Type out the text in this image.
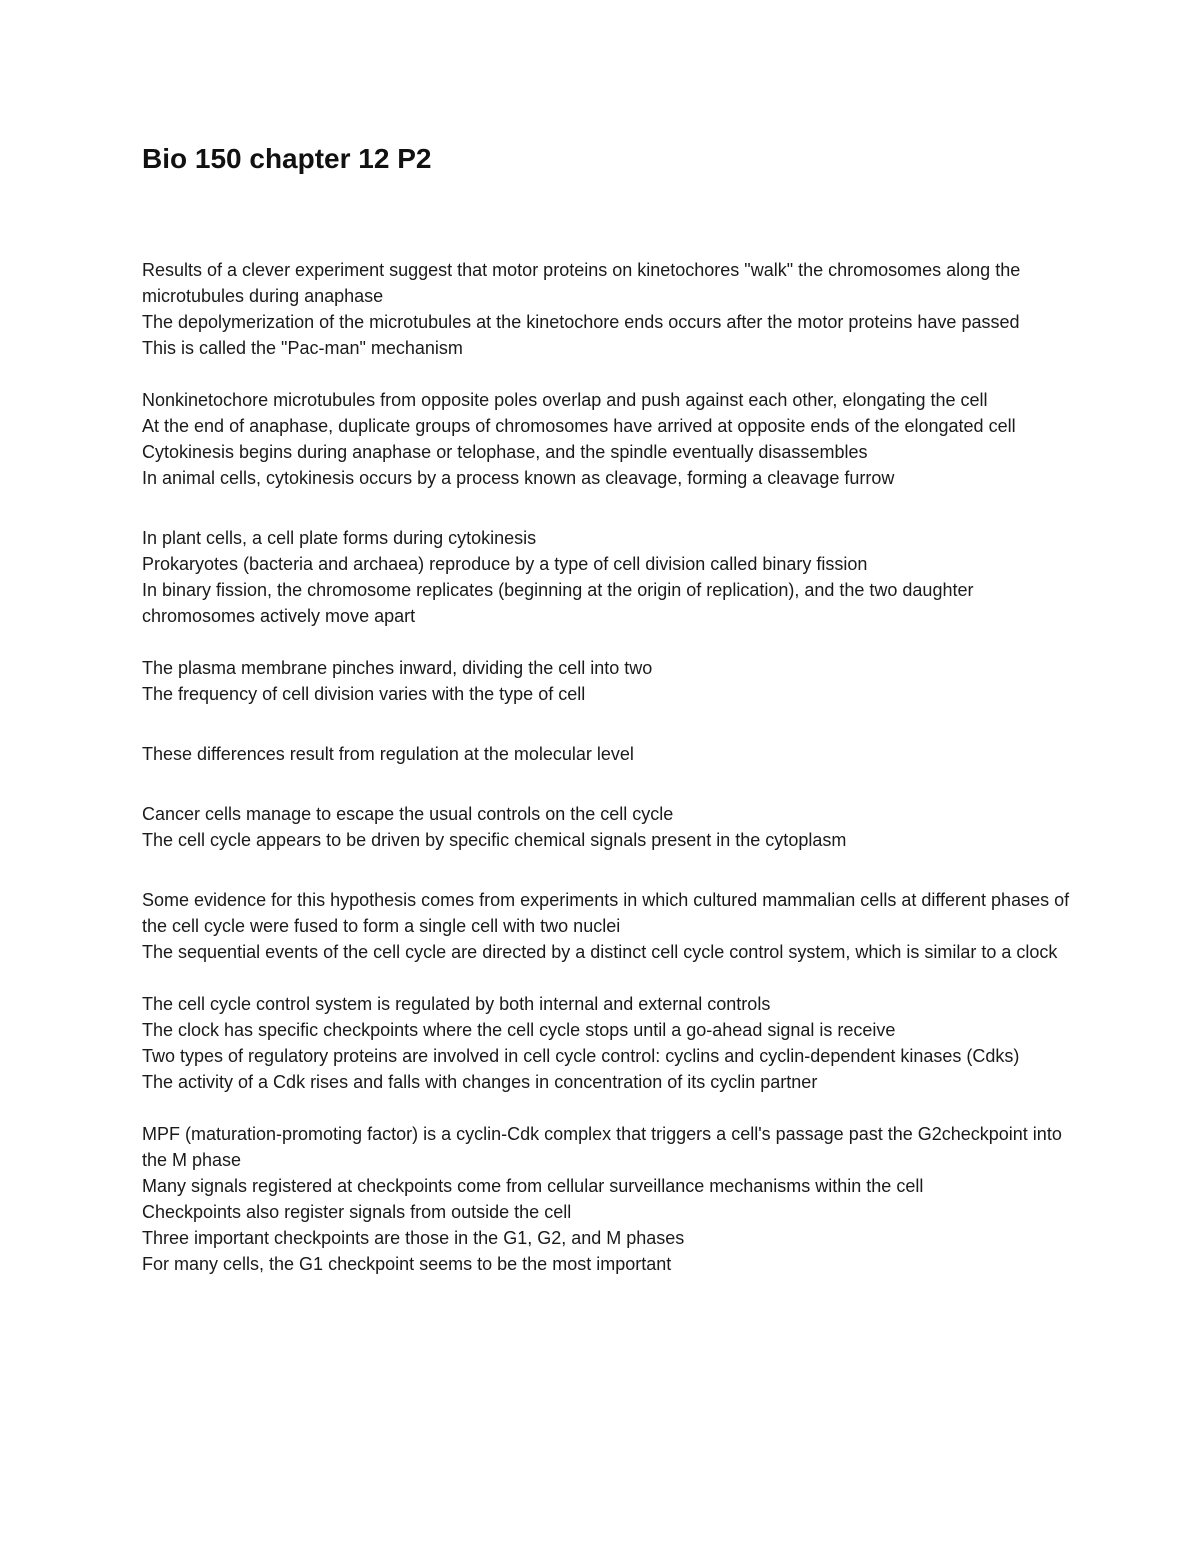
Bio 150 chapter 12 P2
Results of a clever experiment suggest that motor proteins on kinetochores "walk" the chromosomes along the microtubules during anaphase
The depolymerization of the microtubules at the kinetochore ends occurs after the motor proteins have passed
This is called the "Pac-man" mechanism
Nonkinetochore microtubules from opposite poles overlap and push against each other, elongating the cell
At the end of anaphase, duplicate groups of chromosomes have arrived at opposite ends of the elongated cell
Cytokinesis begins during anaphase or telophase, and the spindle eventually disassembles
In animal cells, cytokinesis occurs by a process known as cleavage, forming a cleavage furrow
In plant cells, a cell plate forms during cytokinesis
Prokaryotes (bacteria and archaea) reproduce by a type of cell division called binary fission
In binary fission, the chromosome replicates (beginning at the origin of replication), and the two daughter chromosomes actively move apart
The plasma membrane pinches inward, dividing the cell into two
The frequency of cell division varies with the type of cell
These differences result from regulation at the molecular level
Cancer cells manage to escape the usual controls on the cell cycle
The cell cycle appears to be driven by specific chemical signals present in the cytoplasm
Some evidence for this hypothesis comes from experiments in which cultured mammalian cells at different phases of the cell cycle were fused to form a single cell with two nuclei
The sequential events of the cell cycle are directed by a distinct cell cycle control system, which is similar to a clock
The cell cycle control system is regulated by both internal and external controls
The clock has specific checkpoints where the cell cycle stops until a go-ahead signal is receive
Two types of regulatory proteins are involved in cell cycle control: cyclins and cyclin-dependent kinases (Cdks)
The activity of a Cdk rises and falls with changes in concentration of its cyclin partner
MPF (maturation-promoting factor) is a cyclin-Cdk complex that triggers a cell's passage past the G2checkpoint into the M phase
Many signals registered at checkpoints come from cellular surveillance mechanisms within the cell
Checkpoints also register signals from outside the cell
Three important checkpoints are those in the G1, G2, and M phases
For many cells, the G1 checkpoint seems to be the most important
